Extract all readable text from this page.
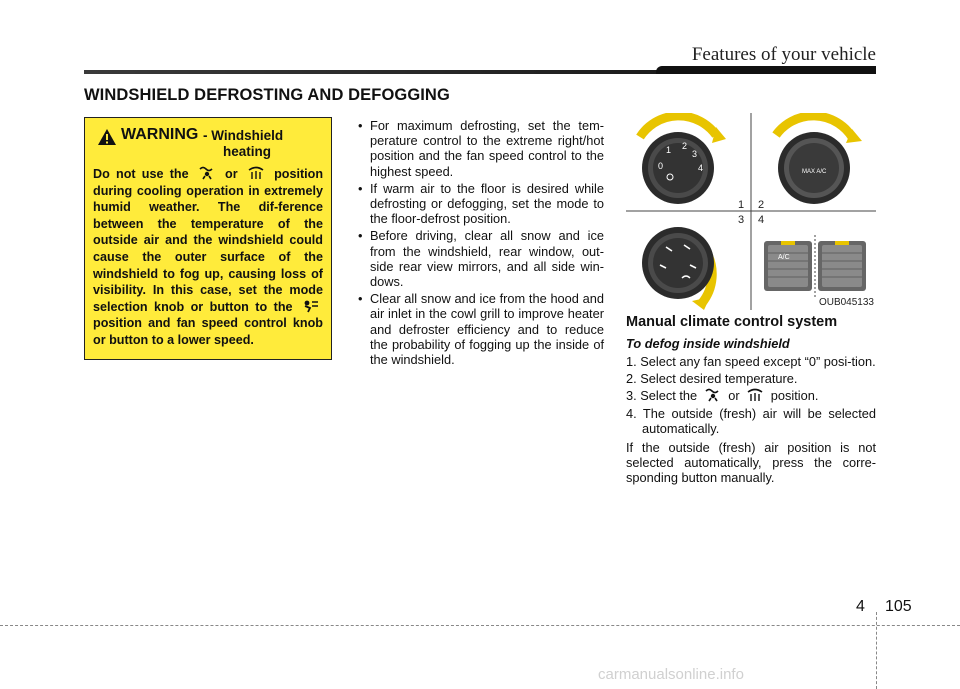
Features of your vehicle
WINDSHIELD DEFROSTING AND DEFOGGING
WARNING - Windshield
heating
Do not use the	or	position during cooling operation in extremely humid weather. The dif-ference between the temperature of the outside air and the windshield could cause the outer surface of the windshield to fog up, causing loss of visibility. In this case, set the mode selection knob or button to the  position and fan speed control knob or button to a lower speed.
• For maximum defrosting, set the tem-perature control to the extreme right/hot position and the fan speed control to the highest speed.
• If warm air to the floor is desired while defrosting or defogging, set the mode to the floor-defrost position.
• Before driving, clear all snow and ice from the windshield, rear window, out-side rear view mirrors, and all side win-dows.
• Clear all snow and ice from the hood and air inlet in the cowl grill to improve heater and defroster efficiency and to reduce the probability of fogging up the inside of the windshield.
1 2
3
0	4	MAX A/C
A/C
1 2
3 4
OUB045133
Manual climate control system
To defog inside windshield
1. Select any fan speed except “0” posi-tion.
2. Select desired temperature.
3. Select the or position.
4. The outside (fresh) air will be selected automatically.
If the outside (fresh) air position is not selected automatically, press the corre-sponding button manually.
4 105
carmanualsonline.info
